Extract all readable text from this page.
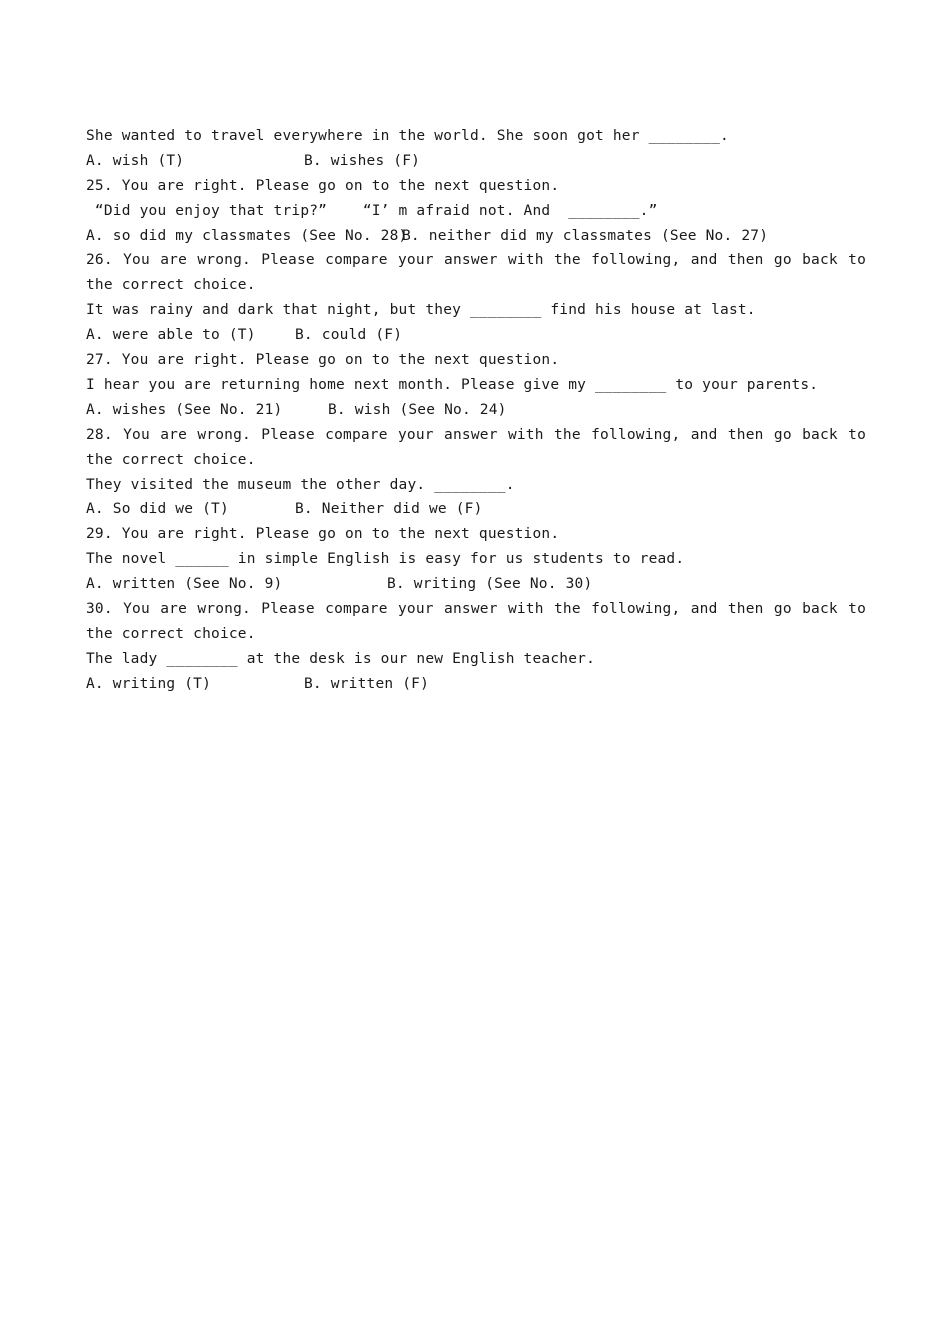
She wanted to travel everywhere in the world. She soon got her ________.
A. wish (T)	B. wishes (F)
25. You are right. Please go on to the next question.
“Did you enjoy that trip?”    “I’ m afraid not. And  ________.”
A. so did my classmates (See No. 28)
B. neither did my classmates (See No. 27)
26. You are wrong. Please compare your answer with the following, and then go back to the correct choice.
It was rainy and dark that night, but they ________ find his house at last.
A. were able to (T)	B. could (F)
27. You are right. Please go on to the next question.
I hear you are returning home next month. Please give my ________ to your parents.
A. wishes (See No. 21)	B. wish (See No. 24)
28. You are wrong. Please compare your answer with the following, and then go back to the correct choice.
They visited the museum the other day. ________.
A. So did we (T)	B. Neither did we (F)
29. You are right. Please go on to the next question.
The novel ______ in simple English is easy for us students to read.
A. written (See No. 9)	B. writing (See No. 30)
30. You are wrong. Please compare your answer with the following, and then go back to the correct choice.
The lady ________ at the desk is our new English teacher.
A. writing (T)	B. written (F)
